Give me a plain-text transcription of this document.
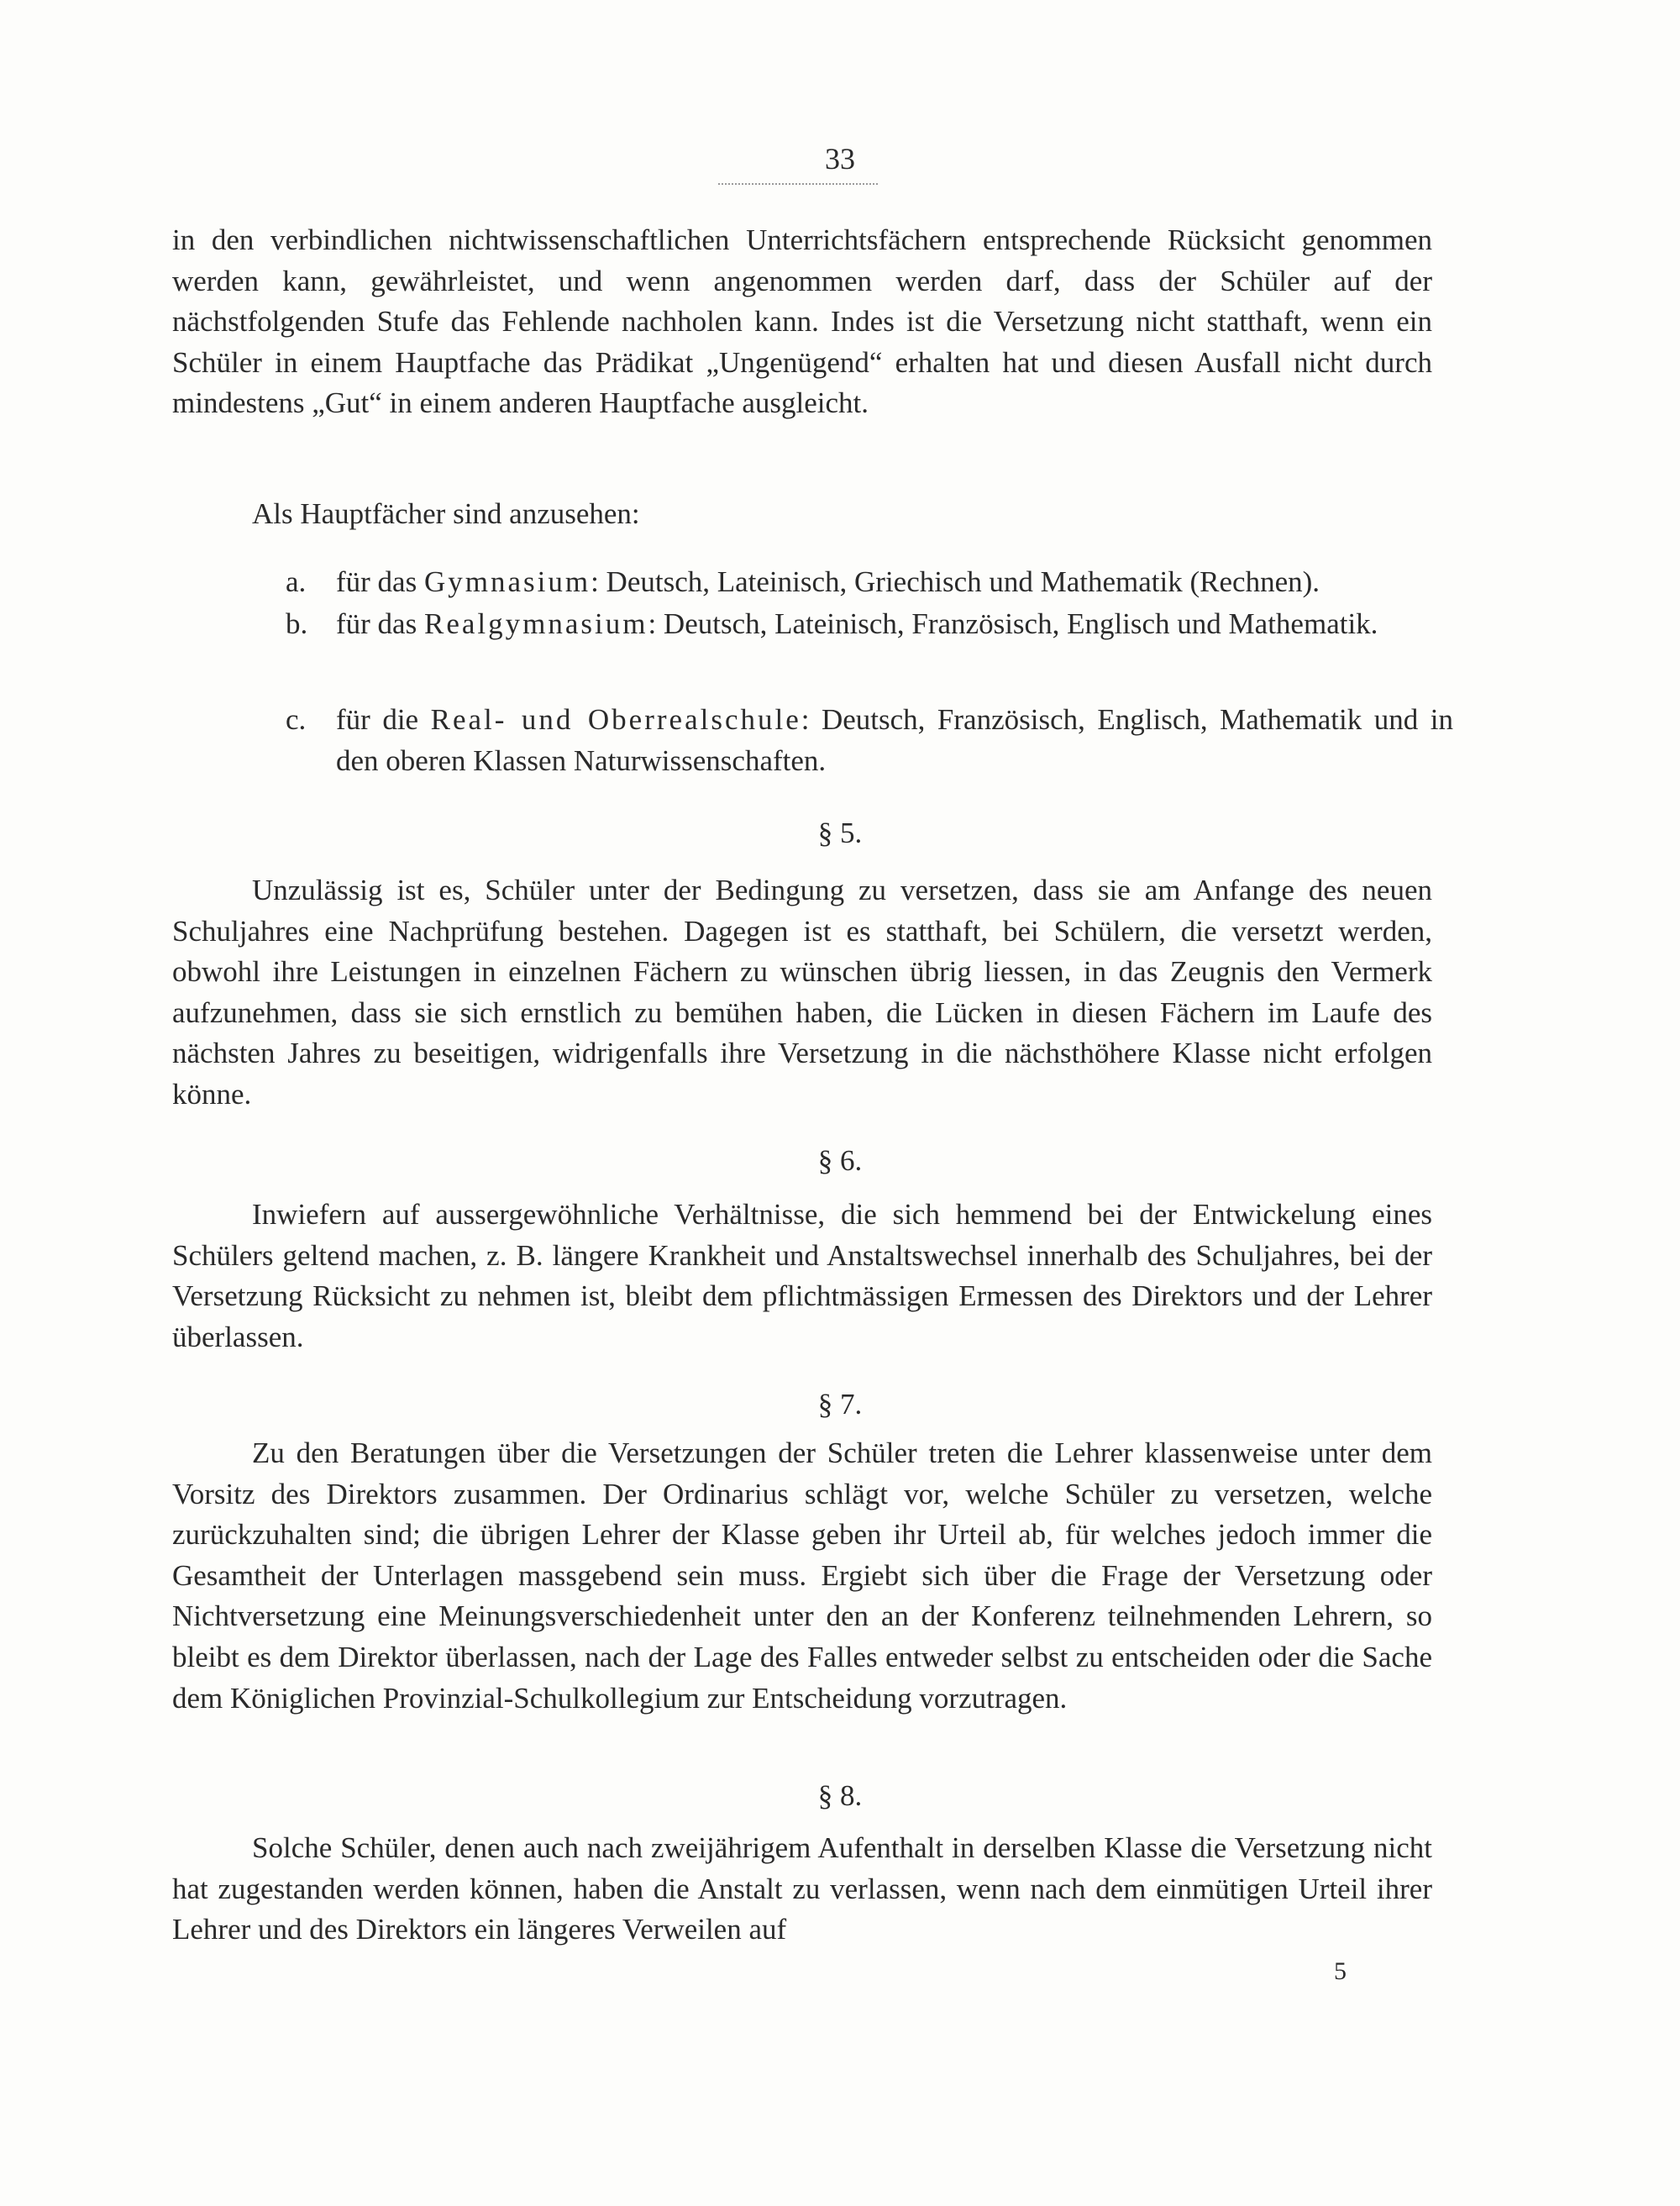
33

in den verbindlichen nichtwissenschaftlichen Unterrichtsfächern entsprechende Rücksicht genommen werden kann, gewährleistet, und wenn angenommen werden darf, dass der Schüler auf der nächstfolgenden Stufe das Fehlende nachholen kann. Indes ist die Versetzung nicht statthaft, wenn ein Schüler in einem Hauptfache das Prädikat „Ungenügend“ erhalten hat und diesen Ausfall nicht durch mindestens „Gut“ in einem anderen Hauptfache ausgleicht.

Als Hauptfächer sind anzusehen:

a. für das Gymnasium: Deutsch, Lateinisch, Griechisch und Mathematik (Rechnen).
b. für das Realgymnasium: Deutsch, Lateinisch, Französisch, Englisch und Mathematik.
c. für die Real- und Oberrealschule: Deutsch, Französisch, Englisch, Mathematik und in den oberen Klassen Naturwissenschaften.
§ 5.

Unzulässig ist es, Schüler unter der Bedingung zu versetzen, dass sie am Anfange des neuen Schuljahres eine Nachprüfung bestehen. Dagegen ist es statthaft, bei Schülern, die versetzt werden, obwohl ihre Leistungen in einzelnen Fächern zu wünschen übrig liessen, in das Zeugnis den Vermerk aufzunehmen, dass sie sich ernstlich zu bemühen haben, die Lücken in diesen Fächern im Laufe des nächsten Jahres zu beseitigen, widrigenfalls ihre Versetzung in die nächsthöhere Klasse nicht erfolgen könne.

§ 6.

Inwiefern auf aussergewöhnliche Verhältnisse, die sich hemmend bei der Entwickelung eines Schülers geltend machen, z. B. längere Krankheit und Anstaltswechsel innerhalb des Schuljahres, bei der Versetzung Rücksicht zu nehmen ist, bleibt dem pflichtmässigen Ermessen des Direktors und der Lehrer überlassen.

§ 7.

Zu den Beratungen über die Versetzungen der Schüler treten die Lehrer klassenweise unter dem Vorsitz des Direktors zusammen. Der Ordinarius schlägt vor, welche Schüler zu versetzen, welche zurückzuhalten sind; die übrigen Lehrer der Klasse geben ihr Urteil ab, für welches jedoch immer die Gesamtheit der Unterlagen massgebend sein muss. Ergiebt sich über die Frage der Versetzung oder Nichtversetzung eine Meinungsverschiedenheit unter den an der Konferenz teilnehmenden Lehrern, so bleibt es dem Direktor überlassen, nach der Lage des Falles entweder selbst zu entscheiden oder die Sache dem Königlichen Provinzial-Schulkollegium zur Entscheidung vorzutragen.

§ 8.

Solche Schüler, denen auch nach zweijährigem Aufenthalt in derselben Klasse die Versetzung nicht hat zugestanden werden können, haben die Anstalt zu verlassen, wenn nach dem einmütigen Urteil ihrer Lehrer und des Direktors ein längeres Verweilen auf

5
